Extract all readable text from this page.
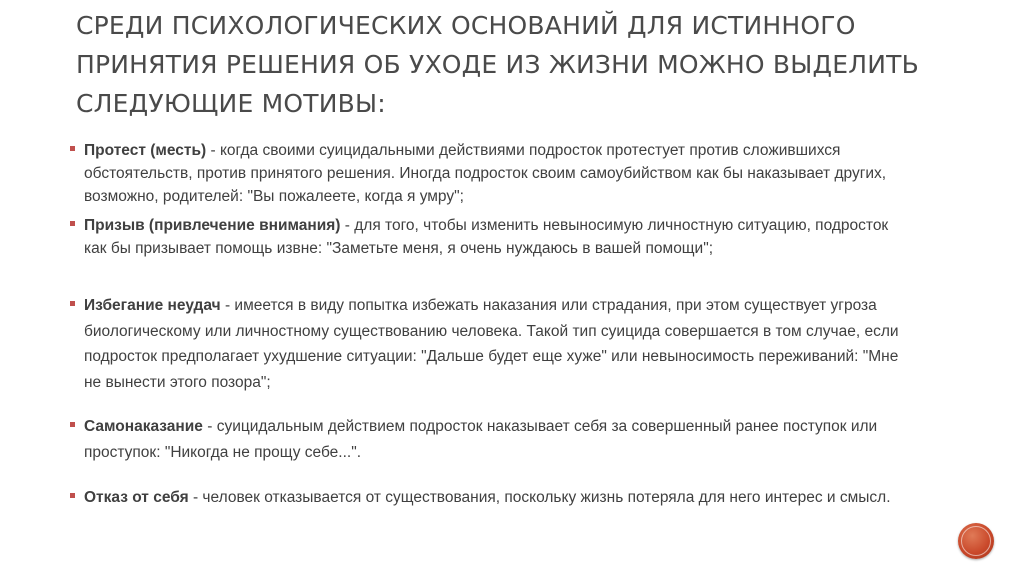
СРЕДИ ПСИХОЛОГИЧЕСКИХ ОСНОВАНИЙ ДЛЯ ИСТИННОГО ПРИНЯТИЯ РЕШЕНИЯ ОБ УХОДЕ ИЗ ЖИЗНИ МОЖНО ВЫДЕЛИТЬ СЛЕДУЮЩИЕ МОТИВЫ:
Протест (месть) - когда своими суицидальными действиями подросток протестует против сложившихся обстоятельств, против принятого решения. Иногда подросток своим самоубийством как бы наказывает других, возможно, родителей: "Вы пожалеете, когда я умру";
Призыв (привлечение внимания) - для того, чтобы изменить невыносимую личностную ситуацию, подросток как бы призывает помощь извне: "Заметьте меня, я очень нуждаюсь в вашей помощи";
Избегание неудач - имеется в виду попытка избежать наказания или страдания, при этом существует угроза биологическому или личностному существованию человека. Такой тип суицида совершается в том случае, если подросток предполагает ухудшение ситуации: "Дальше будет еще хуже" или невыносимость переживаний: "Мне не вынести этого позора";
Самонаказание - суицидальным действием подросток наказывает себя за совершенный ранее поступок или проступок: "Никогда не прощу себе...".
Отказ от себя - человек отказывается от существования, поскольку жизнь потеряла для него интерес и смысл.
